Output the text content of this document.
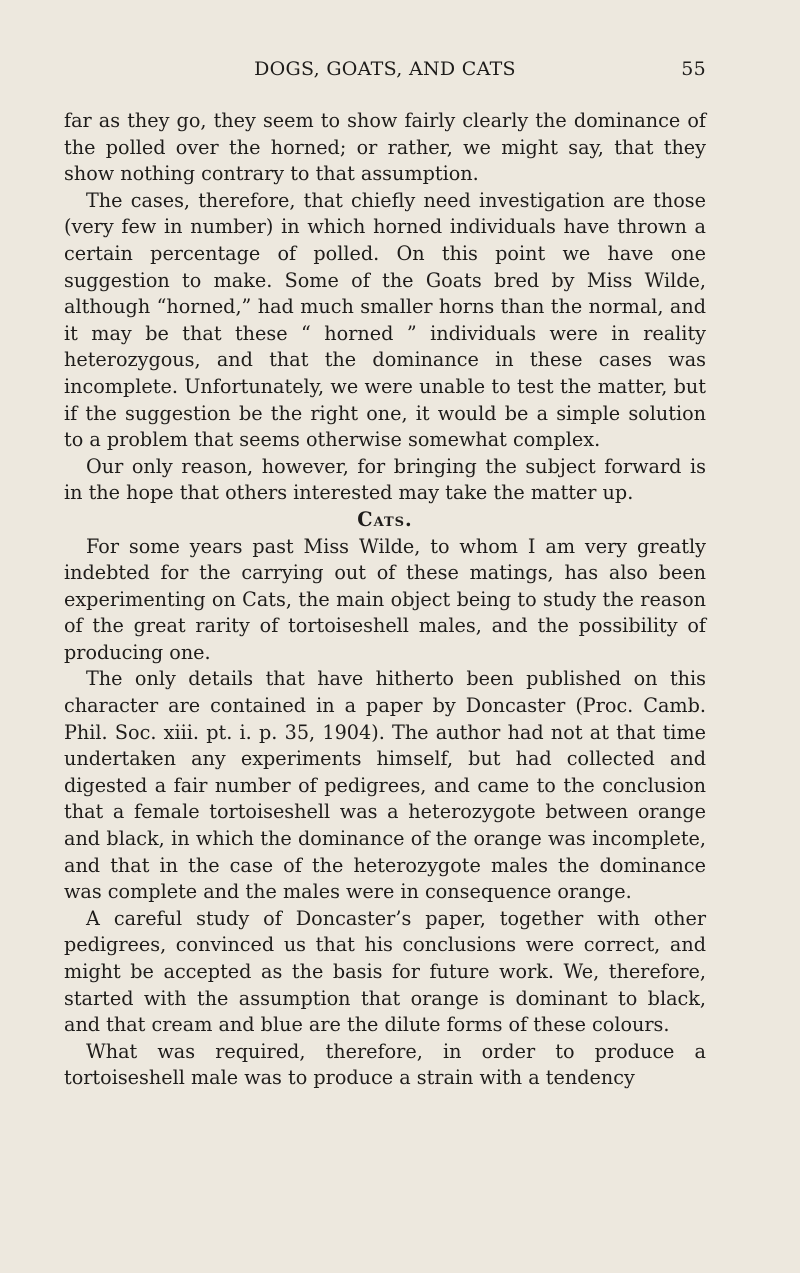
DOGS, GOATS, AND CATS	55

far as they go, they seem to show fairly clearly the dominance of the polled over the horned; or rather, we might say, that they show nothing contrary to that assumption.

The cases, therefore, that chiefly need investigation are those (very few in number) in which horned individuals have thrown a certain percentage of polled. On this point we have one suggestion to make. Some of the Goats bred by Miss Wilde, although “horned,” had much smaller horns than the normal, and it may be that these “ horned ” individuals were in reality heterozygous, and that the dominance in these cases was incomplete. Unfortunately, we were unable to test the matter, but if the suggestion be the right one, it would be a simple solution to a problem that seems otherwise somewhat complex.

Our only reason, however, for bringing the subject forward is in the hope that others interested may take the matter up.

Cats.

For some years past Miss Wilde, to whom I am very greatly indebted for the carrying out of these matings, has also been experimenting on Cats, the main object being to study the reason of the great rarity of tortoiseshell males, and the possibility of producing one.

The only details that have hitherto been published on this character are contained in a paper by Doncaster (Proc. Camb. Phil. Soc. xiii. pt. i. p. 35, 1904). The author had not at that time undertaken any experiments himself, but had collected and digested a fair number of pedigrees, and came to the conclusion that a female tortoiseshell was a heterozygote between orange and black, in which the dominance of the orange was incomplete, and that in the case of the heterozygote males the dominance was complete and the males were in consequence orange.

A careful study of Doncaster’s paper, together with other pedigrees, convinced us that his conclusions were correct, and might be accepted as the basis for future work. We, therefore, started with the assumption that orange is dominant to black, and that cream and blue are the dilute forms of these colours.

What was required, therefore, in order to produce a tortoiseshell male was to produce a strain with a tendency
